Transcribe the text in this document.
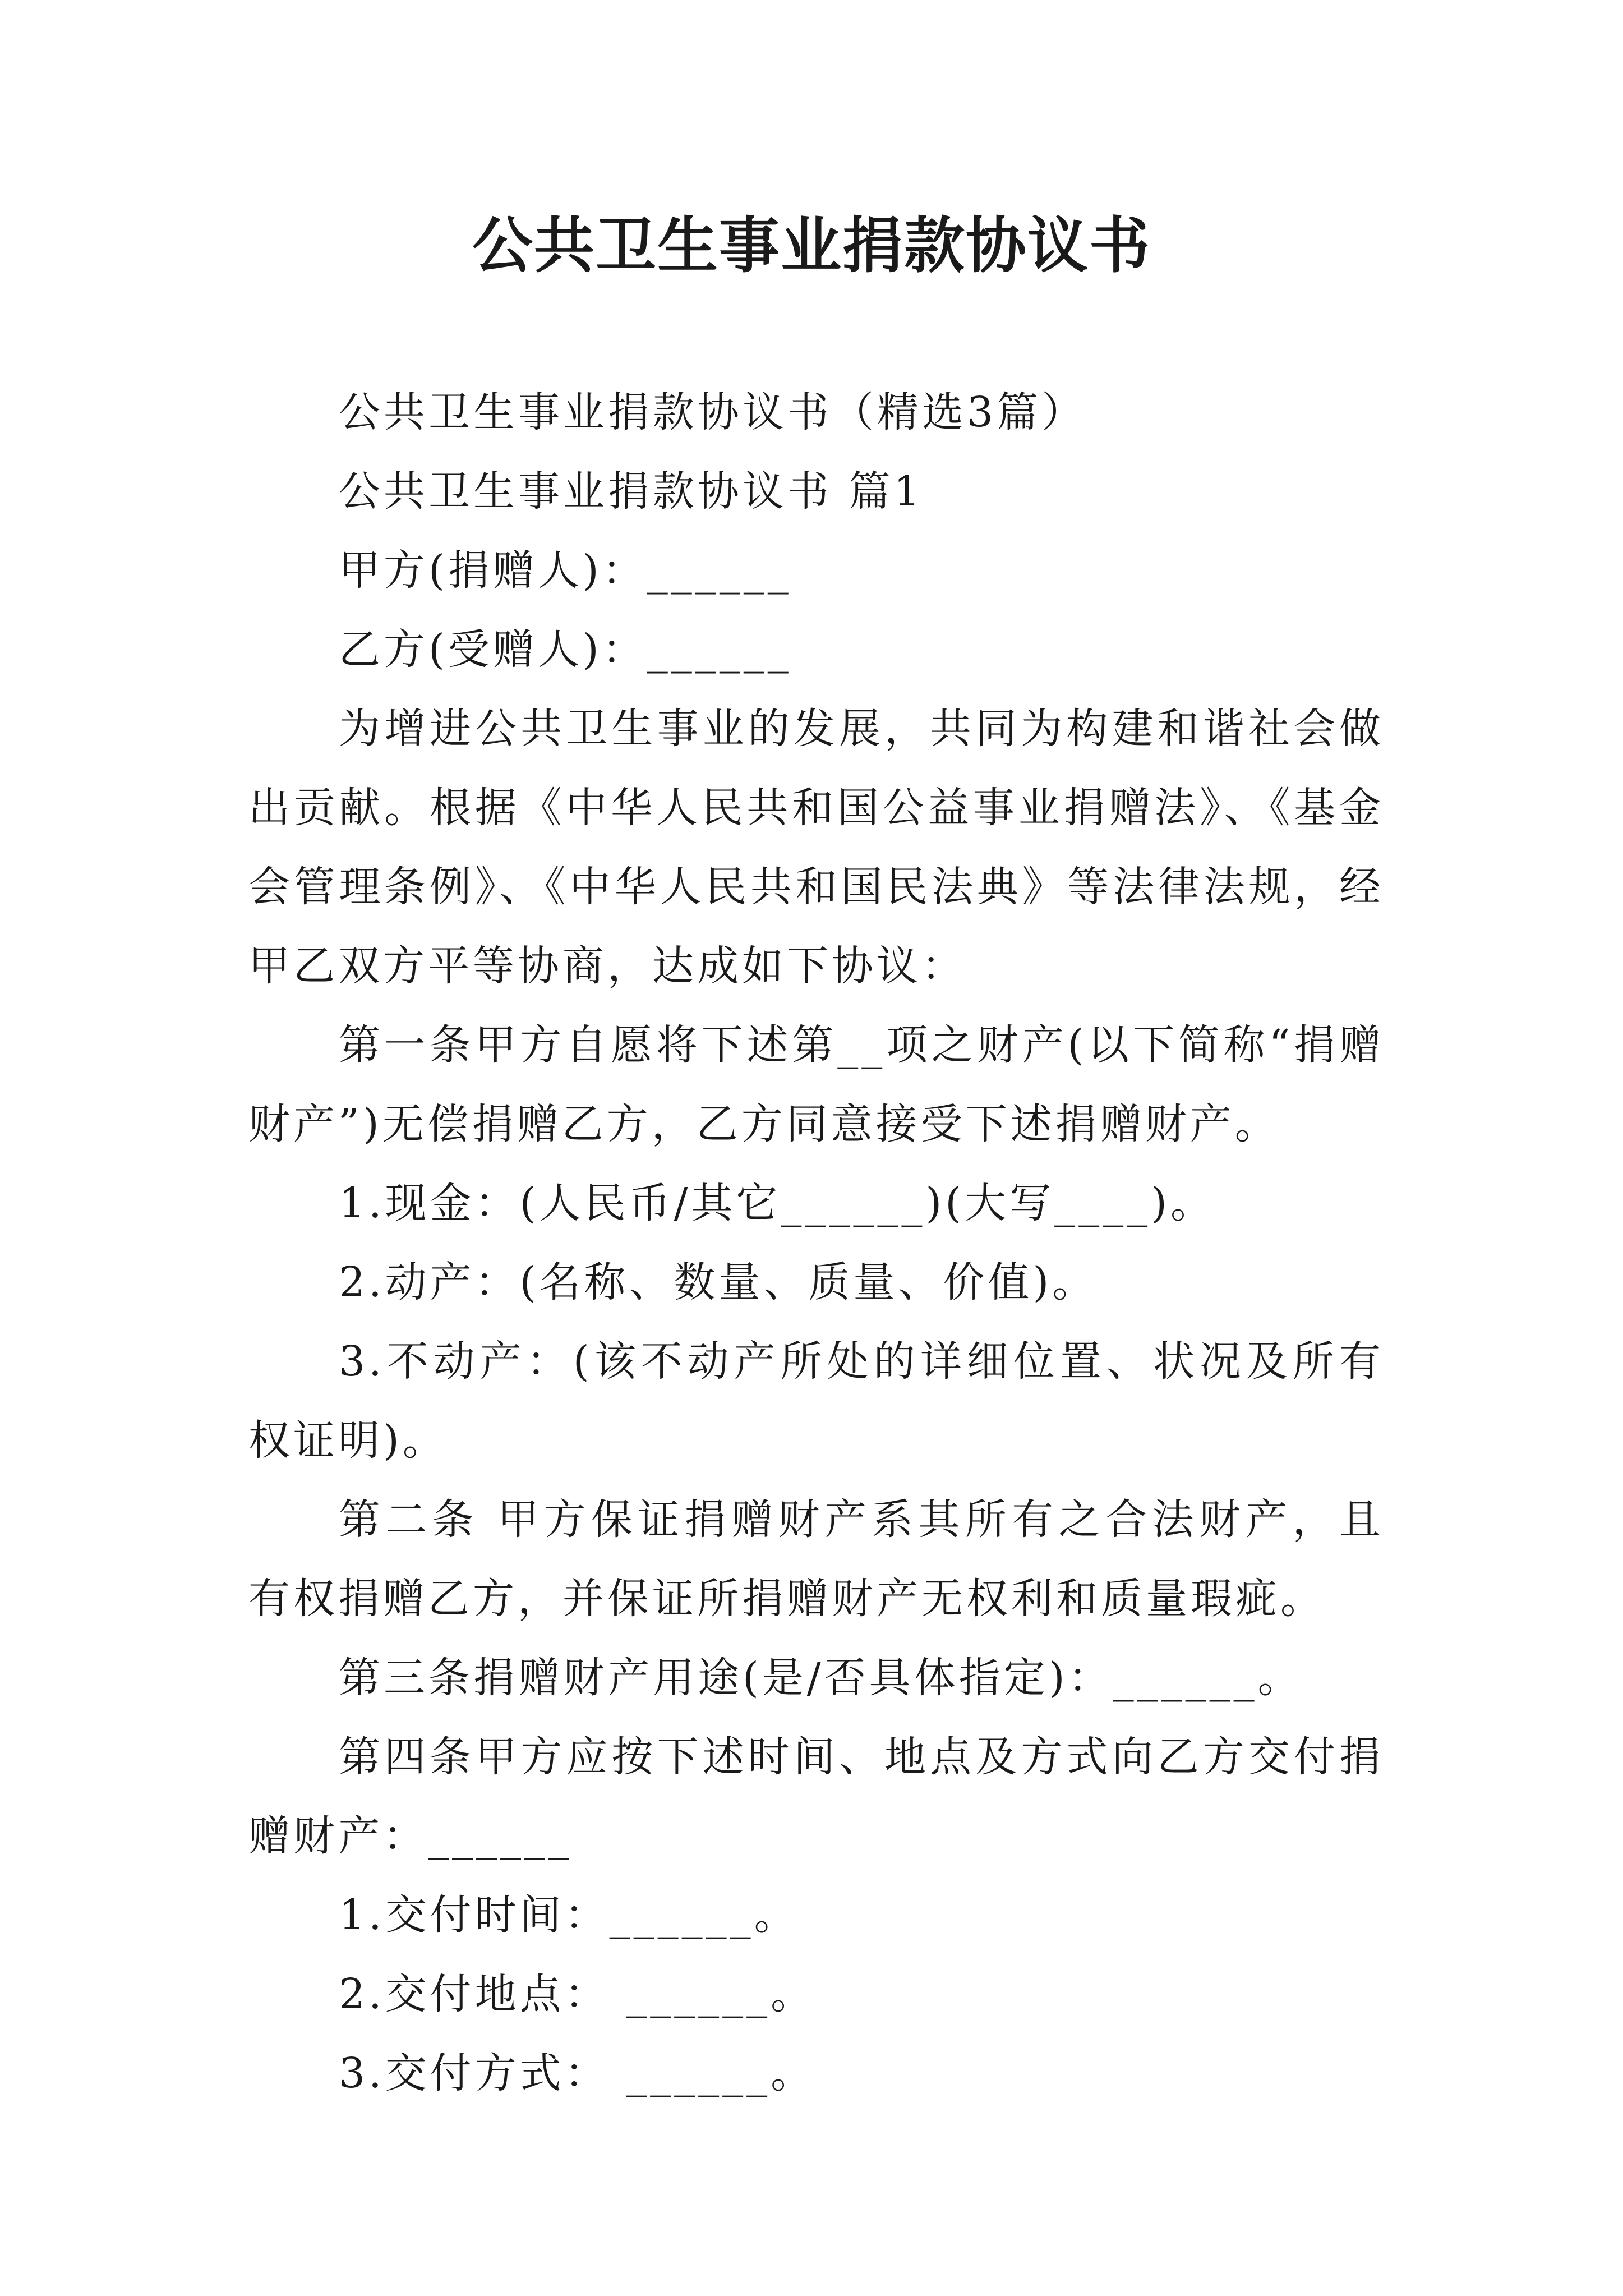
公共卫生事业捐款协议书

公共卫生事业捐款协议书（精选3篇）

公共卫生事业捐款协议书 篇1

甲方(捐赠人)：______

乙方(受赠人)：______

为增进公共卫生事业的发展，共同为构建和谐社会做出贡献。根据《中华人民共和国公益事业捐赠法》、《基金会管理条例》、《中华人民共和国民法典》等法律法规，经甲乙双方平等协商，达成如下协议：

第一条甲方自愿将下述第__项之财产(以下简称“捐赠财产”)无偿捐赠乙方，乙方同意接受下述捐赠财产。

1.现金：(人民币/其它______)(大写____)。

2.动产：(名称、数量、质量、价值)。

3.不动产：(该不动产所处的详细位置、状况及所有权证明)。

第二条 甲方保证捐赠财产系其所有之合法财产，且有权捐赠乙方，并保证所捐赠财产无权利和质量瑕疵。

第三条捐赠财产用途(是/否具体指定)：______。

第四条甲方应按下述时间、地点及方式向乙方交付捐赠财产：______

1.交付时间：______。

2.交付地点： ______。

3.交付方式： ______。
